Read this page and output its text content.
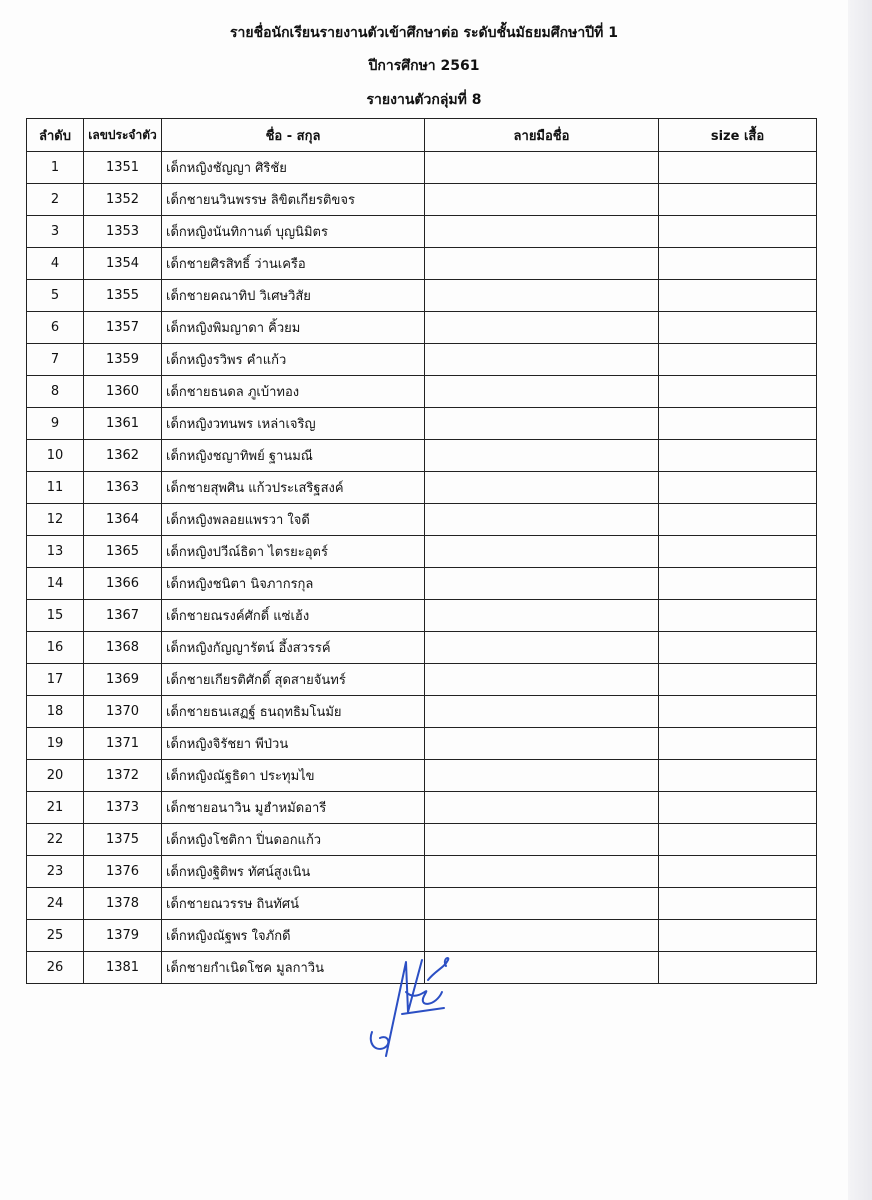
รายชื่อนักเรียนรายงานตัวเข้าศึกษาต่อ ระดับชั้นมัธยมศึกษาปีที่ 1
ปีการศึกษา 2561
รายงานตัวกลุ่มที่ 8
ลำดับ	เลขประจำตัว	ชื่อ - สกุล	ลายมือชื่อ	size เสื้อ
1	1351	เด็กหญิงชัญญา ศิริชัย		
2	1352	เด็กชายนวินพรรษ ลิขิตเกียรติขจร		
3	1353	เด็กหญิงนันทิกานต์ บุญนิมิตร		
4	1354	เด็กชายศิรสิทธิ์ ว่านเครือ		
5	1355	เด็กชายคณาทิป วิเศษวิสัย		
6	1357	เด็กหญิงพิมญาดา คิ้วยม		
7	1359	เด็กหญิงรวิพร คำแก้ว		
8	1360	เด็กชายธนดล ภูเบ้าทอง		
9	1361	เด็กหญิงวทนพร เหล่าเจริญ		
10	1362	เด็กหญิงชญาทิพย์ ฐานมณี		
11	1363	เด็กชายสุพศิน แก้วประเสริฐสงค์		
12	1364	เด็กหญิงพลอยแพรวา ใจดี		
13	1365	เด็กหญิงปวีณ์ธิดา ไตรยะอุตร์		
14	1366	เด็กหญิงชนิตา นิจภากรกุล		
15	1367	เด็กชายณรงค์ศักดิ์ แซ่เฮ้ง		
16	1368	เด็กหญิงกัญญารัตน์ อึ้งสวรรค์		
17	1369	เด็กชายเกียรติศักดิ์ สุดสายจันทร์		
18	1370	เด็กชายธนเสฏฐ์ ธนฤทธิมโนมัย		
19	1371	เด็กหญิงจิรัชยา พีป่วน		
20	1372	เด็กหญิงณัฐธิดา ประทุมไข		
21	1373	เด็กชายอนาวิน มูฮำหมัดอารี		
22	1375	เด็กหญิงโชติกา ปิ่นดอกแก้ว		
23	1376	เด็กหญิงฐิติพร ทัศน์สูงเนิน		
24	1378	เด็กชายณวรรษ ถินทัศน์		
25	1379	เด็กหญิงณัฐพร ใจภักดี		
26	1381	เด็กชายกำเนิดโชค มูลกาวิน		
